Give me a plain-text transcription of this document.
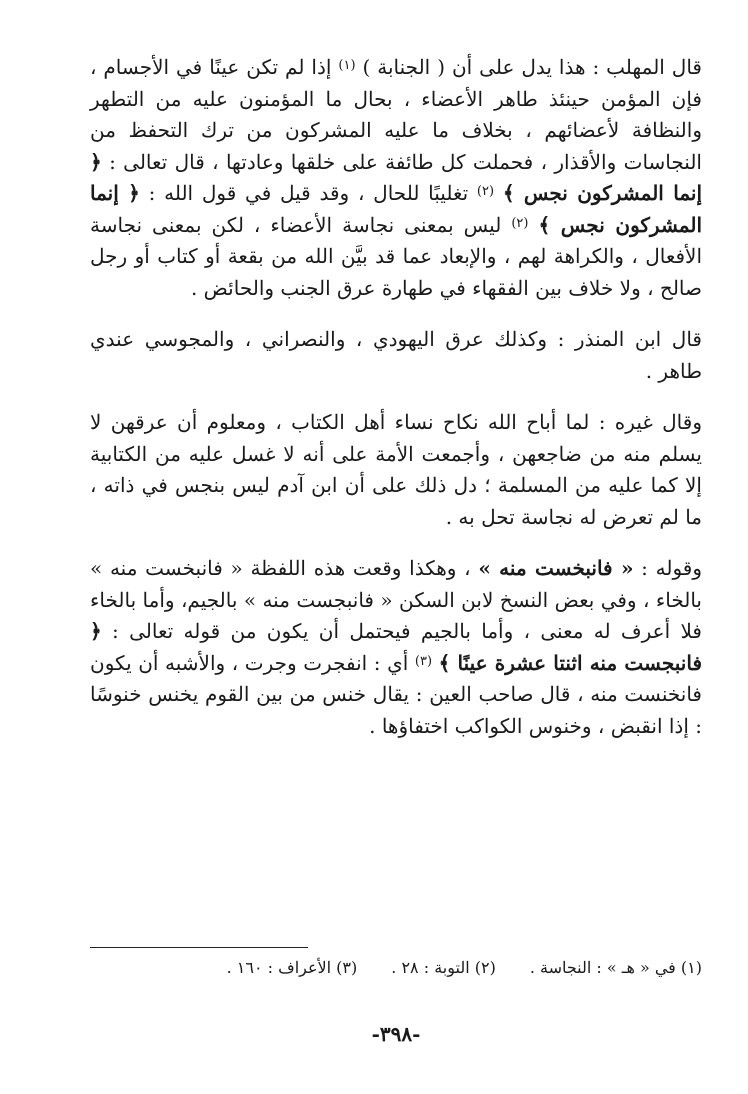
قال المهلب : هذا يدل على أن ( الجنابة ) $^{(١)}$ إذا لم تكن عينًا في الأجسام ، فإن المؤمن حينئذ طاهر الأعضاء ، بحال ما المؤمنون عليه من التطهر والنظافة لأعضائهم ، بخلاف ما عليه المشركون من ترك التحفظ من النجاسات والأقذار ، فحملت كل طائفة على خلقها وعادتها ، قال تعالى : ﴿ إنما المشركون نجس ﴾ $^{(٢)}$ تغليبًا للحال ، وقد قيل في قول الله : ﴿ إنما المشركون نجس ﴾ $^{(٢)}$ ليس بمعنى نجاسة الأعضاء ، لكن بمعنى نجاسة الأفعال ، والكراهة لهم ، والإبعاد عما قد بيَّن الله من بقعة أو كتاب أو رجل صالح ، ولا خلاف بين الفقهاء في طهارة عرق الجنب والحائض .

قال ابن المنذر : وكذلك عرق اليهودي ، والنصراني ، والمجوسي عندي طاهر .

وقال غيره : لما أباح الله نكاح نساء أهل الكتاب ، ومعلوم أن عرقهن لا يسلم منه من ضاجعهن ، وأجمعت الأمة على أنه لا غسل عليه من الكتابية إلا كما عليه من المسلمة ؛ دل ذلك على أن ابن آدم ليس بنجس في ذاته ، ما لم تعرض له نجاسة تحل به .

وقوله : « فانبخست منه » ، وهكذا وقعت هذه اللفظة « فانبخست منه » بالخاء ، وفي بعض النسخ لابن السكن « فانبجست منه » بالجيم، وأما بالخاء فلا أعرف له معنى ، وأما بالجيم فيحتمل أن يكون من قوله تعالى : ﴿ فانبجست منه اثنتا عشرة عينًا ﴾ $^{(٣)}$ أي : انفجرت وجرت ، والأشبه أن يكون فانخنست منه ، قال صاحب العين : يقال خنس من بين القوم يخنس خنوسًا : إذا انقبض ، وخنوس الكواكب اختفاؤها .

(١) في « هـ » : النجاسة .
(٢) التوبة : ٢٨ .
(٣) الأعراف : ١٦٠ .
-٣٩٨-
